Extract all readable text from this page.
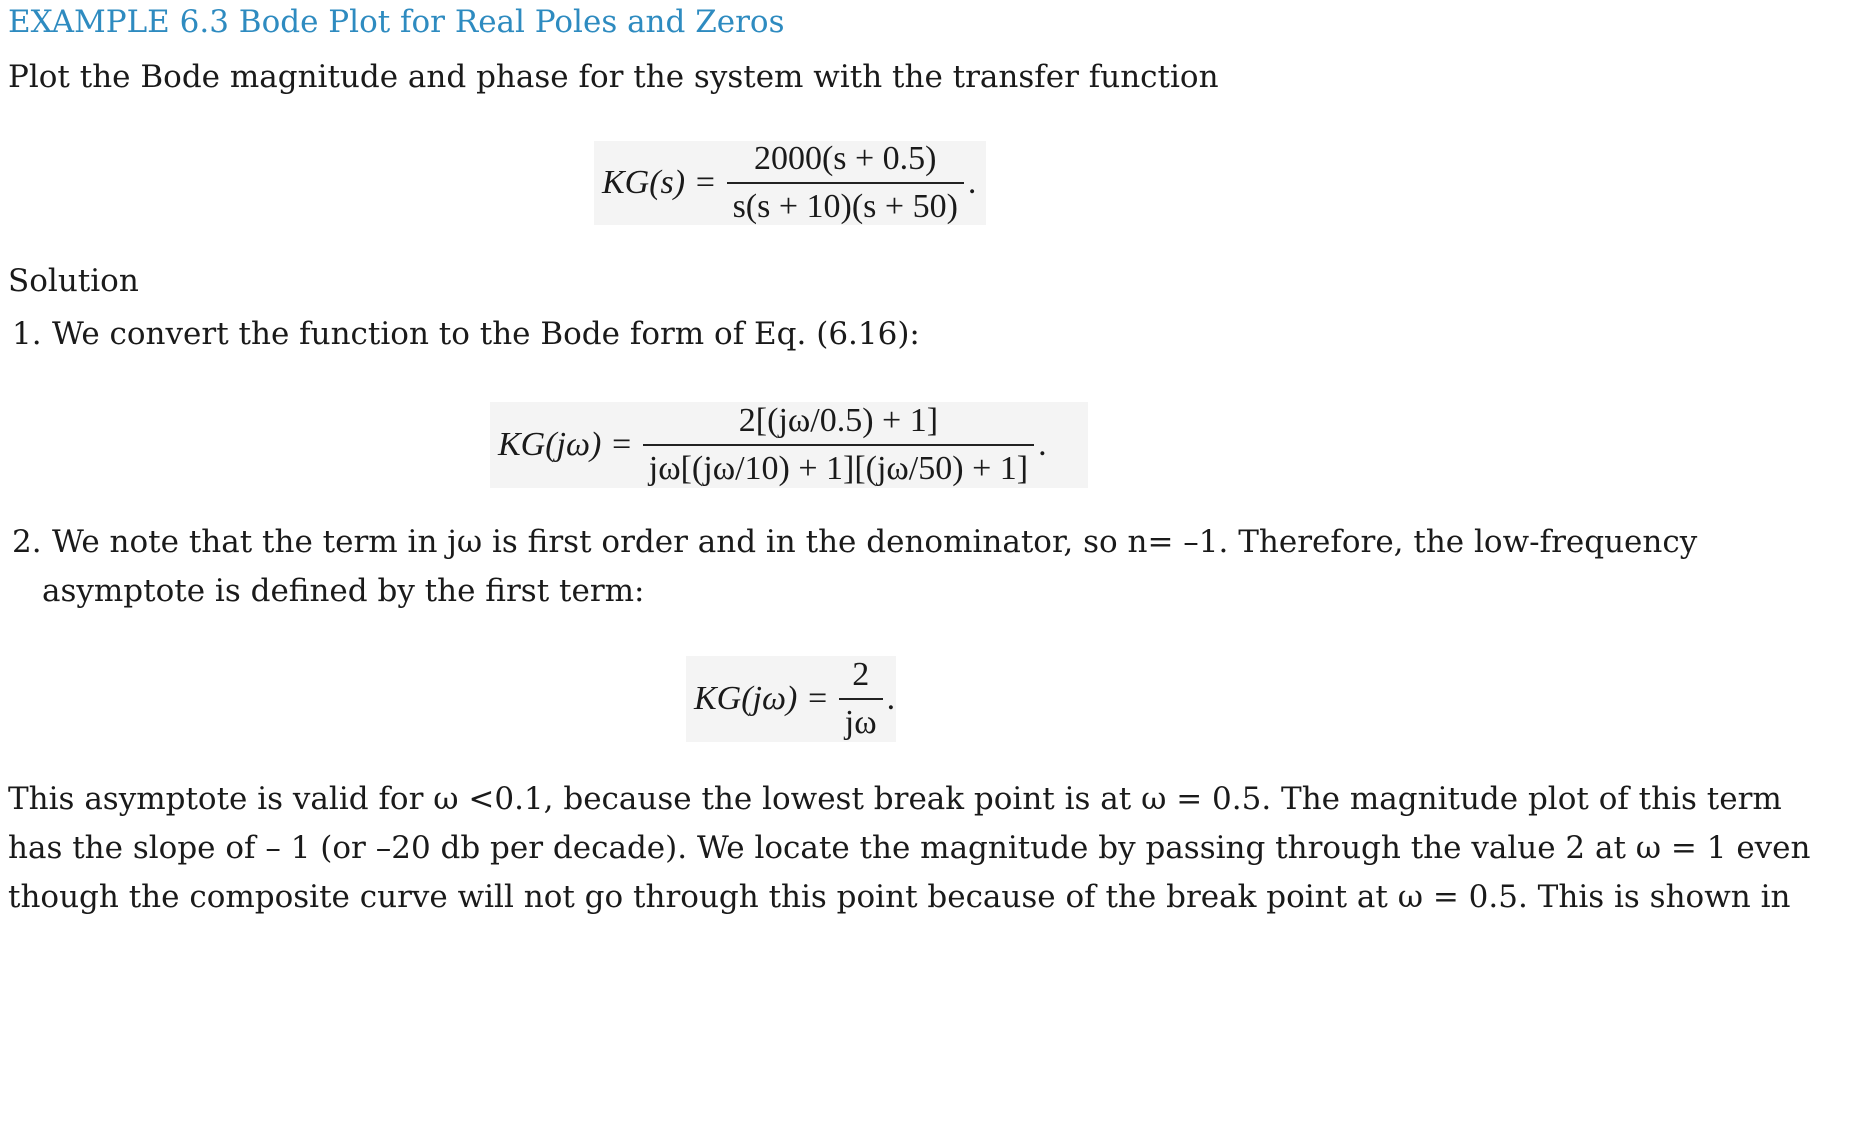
EXAMPLE 6.3 Bode Plot for Real Poles and Zeros
Plot the Bode magnitude and phase for the system with the transfer function
$KG(s) = \frac{2000(s + 0.5)}{s(s + 10)(s + 50)}$ .
Solution
1. We convert the function to the Bode form of Eq. (6.16):
$KG(j\omega) = \frac{2[(j\omega/0.5) + 1]}{j\omega[(j\omega/10) + 1][(j\omega/50) + 1]}$ .
2. We note that the term in jω is first order and in the denominator, so n= –1. Therefore, the low-frequency
asymptote is defined by the first term:
$KG(j\omega) = \frac{2}{j\omega}$ .
This asymptote is valid for ω <0.1, because the lowest break point is at ω = 0.5. The magnitude plot of this term
has the slope of – 1 (or –20 db per decade). We locate the magnitude by passing through the value 2 at ω = 1 even
though the composite curve will not go through this point because of the break point at ω = 0.5. This is shown in
